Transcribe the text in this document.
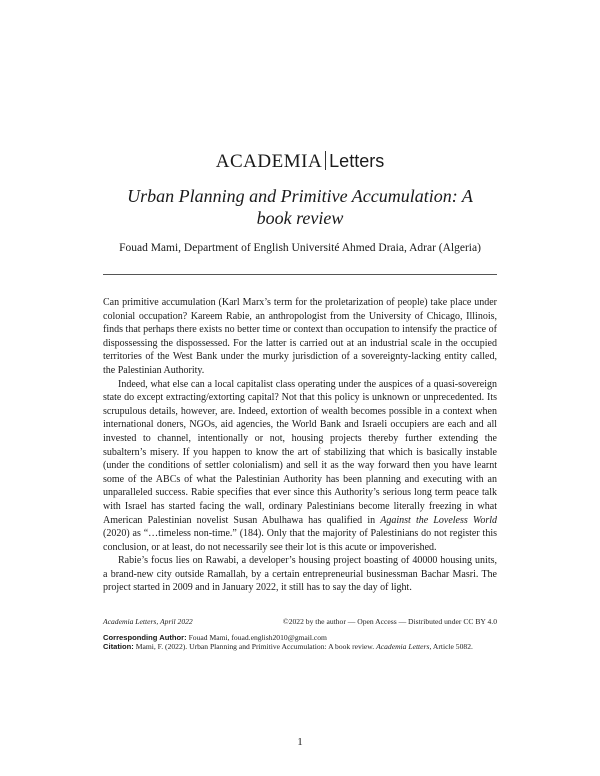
ACADEMIA Letters
Urban Planning and Primitive Accumulation: A book review
Fouad Mami, Department of English Université Ahmed Draia, Adrar (Algeria)

Can primitive accumulation (Karl Marx’s term for the proletarization of people) take place under colonial occupation? Kareem Rabie, an anthropologist from the University of Chicago, Illinois, finds that perhaps there exists no better time or context than occupation to intensify the practice of dispossessing the dispossessed. For the latter is carried out at an industrial scale in the occupied territories of the West Bank under the murky jurisdiction of a sovereignty-lacking entity called, the Palestinian Authority.

Indeed, what else can a local capitalist class operating under the auspices of a quasi-sovereign state do except extracting/extorting capital? Not that this policy is unknown or unprecedented. Its scrupulous details, however, are. Indeed, extortion of wealth becomes possible in a context when international doners, NGOs, aid agencies, the World Bank and Israeli occupiers are each and all invested to channel, intentionally or not, housing projects thereby further extending the subaltern’s misery. If you happen to know the art of stabilizing that which is basically instable (under the conditions of settler colonialism) and sell it as the way forward then you have learnt some of the ABCs of what the Palestinian Authority has been planning and executing with an unparalleled success. Rabie specifies that ever since this Authority’s serious long term peace talk with Israel has started facing the wall, ordinary Palestinians become literally freezing in what American Palestinian novelist Susan Abulhawa has qualified in Against the Loveless World (2020) as “…timeless non-time.” (184). Only that the majority of Palestinians do not register this conclusion, or at least, do not necessarily see their lot is this acute or impoverished.

Rabie’s focus lies on Rawabi, a developer’s housing project boasting of 40000 housing units, a brand-new city outside Ramallah, by a certain entrepreneurial businessman Bachar Masri. The project started in 2009 and in January 2022, it still has to say the day of light.

Academia Letters, April 2022	©2022 by the author — Open Access — Distributed under CC BY 4.0
Corresponding Author: Fouad Mami, fouad.english2010@gmail.com
Citation: Mami, F. (2022). Urban Planning and Primitive Accumulation: A book review. Academia Letters, Article 5082.
1
